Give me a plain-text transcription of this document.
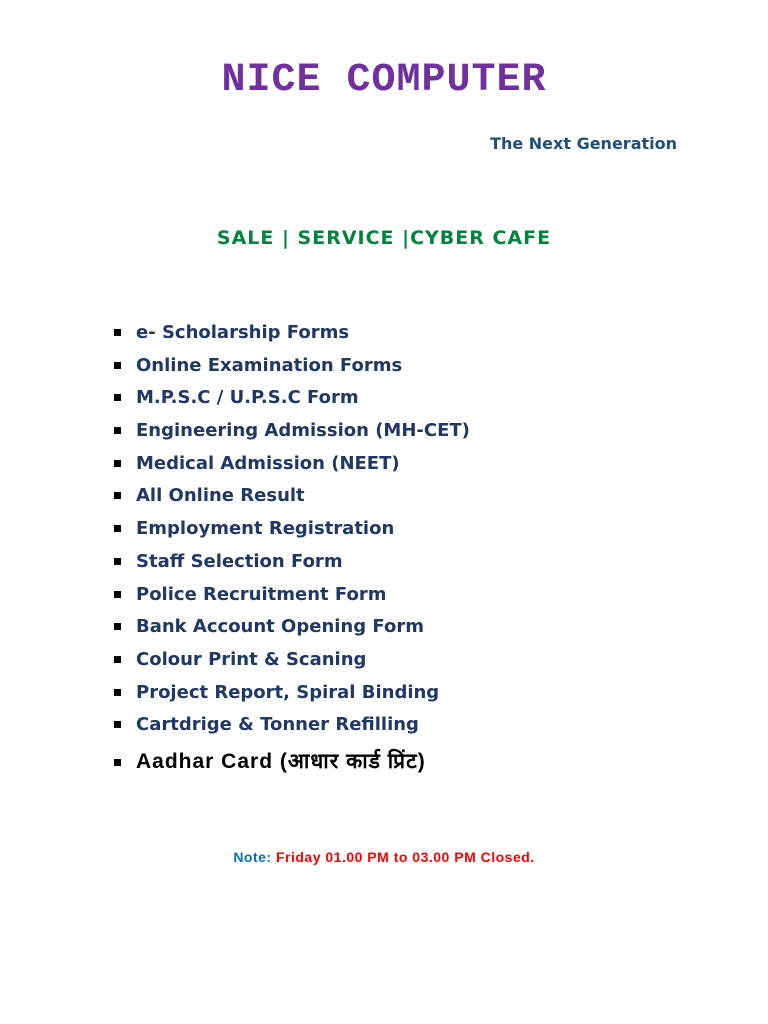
NICE COMPUTER

The Next Generation

SALE | SERVICE |CYBER CAFE

e- Scholarship Forms
Online Examination Forms
M.P.S.C / U.P.S.C Form
Engineering Admission (MH-CET)
Medical Admission (NEET)
All Online Result
Employment Registration
Staff Selection Form
Police Recruitment Form
Bank Account Opening Form
Colour Print & Scaning
Project Report, Spiral Binding
Cartdrige & Tonner Refilling
Aadhar Card (आधार कार्ड प्रिंट)

Note: Friday 01.00 PM to 03.00 PM Closed.
